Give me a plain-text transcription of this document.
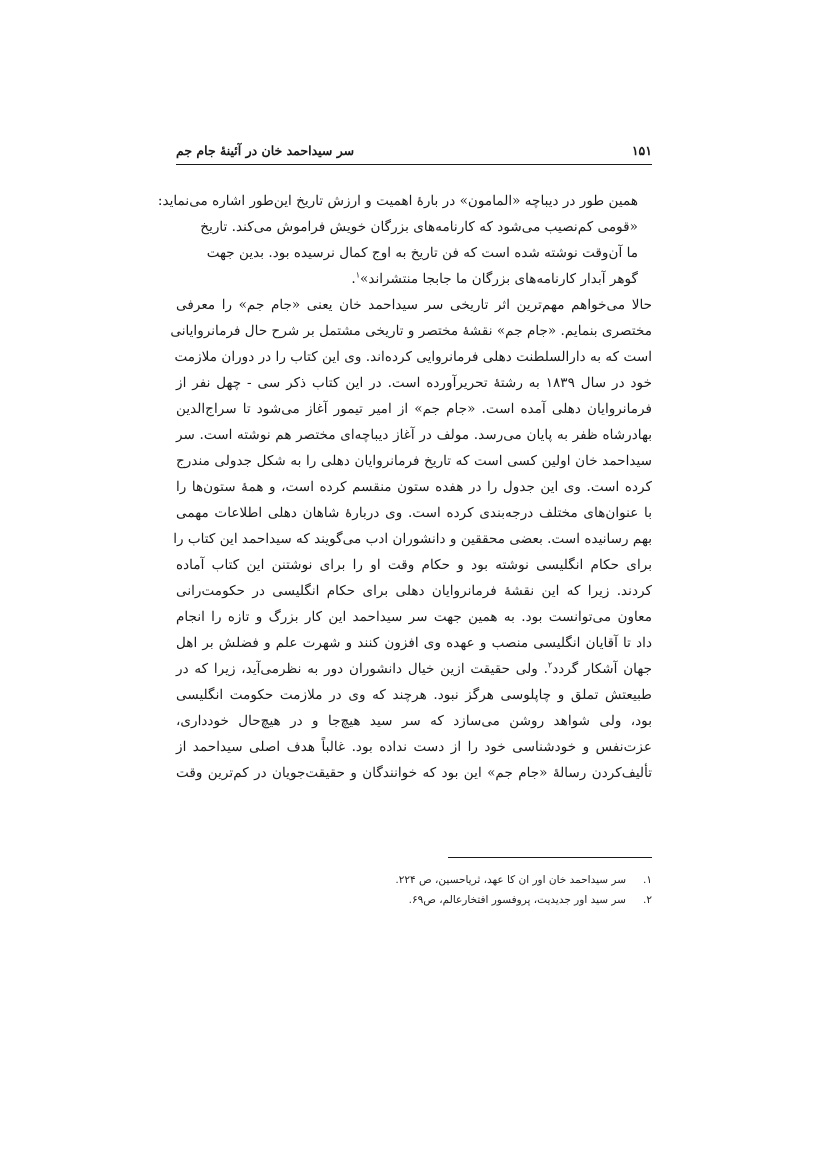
۱۵۱
سر سیداحمد خان در آئینهٔ جام جم
همین طور در دیباچه «المامون» در بارهٔ اهمیت و ارزش تاریخ این‌طور اشاره می‌نماید:
«قومی کم‌نصیب می‌شود که کارنامه‌های بزرگان خویش فراموش می‌کند. تاریخ
ما آن‌وقت نوشته شده است که فن تاریخ به اوج کمال نرسیده بود. بدین جهت
گوهر آبدار کارنامه‌های بزرگان ما جابجا منتشراند»$^۱$.
حالا می‌خواهم مهم‌ترین اثر تاریخی سر سیداحمد خان یعنی «جام جم» را معرفی
مختصری بنمایم. «جام جم» نقشهٔ مختصر و تاریخی مشتمل بر شرح حال فرمانروایانی
است که به دارالسلطنت دهلی فرمانروایی کرده‌اند. وی این کتاب را در دوران ملازمت
خود در سال ۱۸۳۹ به رشتهٔ تحریرآورده است. در این کتاب ذکر سی - چهل نفر از
فرمانروایان دهلی آمده است. «جام جم» از امیر تیمور آغاز می‌شود تا سراج‌الدین
بهادرشاه ظفر به پایان می‌رسد. مولف در آغاز دیباچه‌ای مختصر هم نوشته است. سر
سیداحمد خان اولین کسی است که تاریخ فرمانروایان دهلی را به شکل جدولی مندرج
کرده است. وی این جدول را در هفده ستون منقسم کرده است، و همهٔ ستون‌ها را
با عنوان‌های مختلف درجه‌بندی کرده است. وی دربارهٔ شاهان دهلی اطلاعات مهمی
بهم رسانیده است. بعضی محققین و دانشوران ادب می‌گویند که سیداحمد این کتاب را
برای حکام انگلیسی نوشته بود و حکام وقت او را برای نوشتنن این کتاب آماده
کردند. زیرا که این نقشهٔ فرمانروایان دهلی برای حکام انگلیسی در حکومت‌رانی
معاون می‌توانست بود. به همین جهت سر سیداحمد این کار بزرگ و تازه را انجام
داد تا آقایان انگلیسی منصب و عهده وی افزون کنند و شهرت علم و فضلش بر اهل
جهان آشکار گردد$^۲$. ولی حقیقت ازین خیال دانشوران دور به نظرمی‌آید، زیرا که در
طبیعتش تملق و چاپلوسی هرگز نبود. هرچند که وی در ملازمت حکومت انگلیسی
بود، ولی شواهد روشن می‌سازد که سر سید هیچ‌جا و در هیچ‌حال خودداری،
عزت‌نفس و خودشناسی خود را از دست نداده بود. غالباً هدف اصلی سیداحمد از
تألیف‌کردن رسالهٔ «جام جم» این بود که خوانندگان و حقیقت‌جویان در کم‌ترین وقت
۱.سر سیداحمد خان اور ان کا عهد، ثریاحسین، ص ۲۲۴.
۲.سر سید اور جدیدیت، پروفسور افتخارعالم، ص۶۹.
